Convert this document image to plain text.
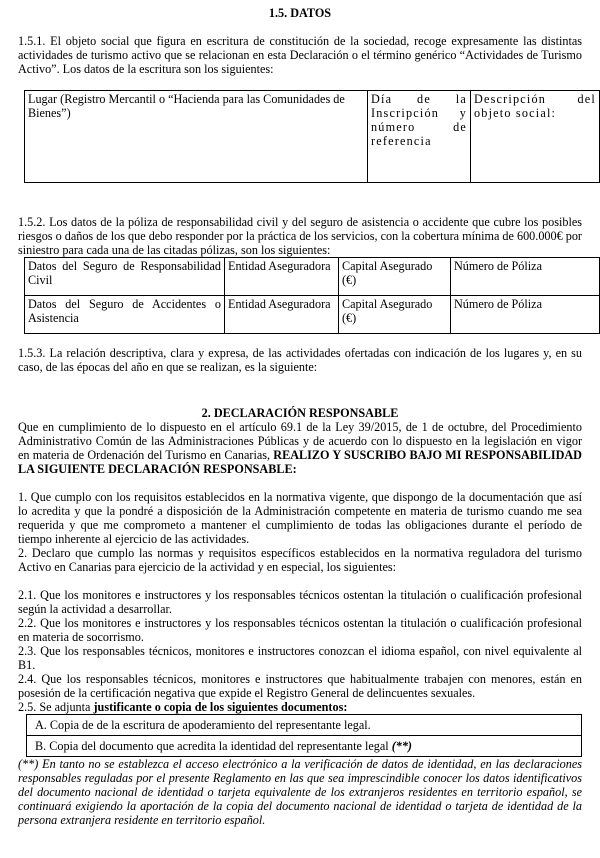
1.5. DATOS

1.5.1. El objeto social que figura en escritura de constitución de la sociedad, recoge expresamente las distintas actividades de turismo activo que se relacionan en esta Declaración o el término genérico “Actividades de Turismo Activo”. Los datos de la escritura son los siguientes:

Lugar (Registro Mercantil o “Hacienda para las Comunidades de Bienes”)	Día de la Inscripción y número de referencia	Descripción del objeto social:

1.5.2. Los datos de la póliza de responsabilidad civil y del seguro de asistencia o accidente que cubre los posibles riesgos o daños de los que debo responder por la práctica de los servicios, con la cobertura mínima de 600.000€ por siniestro para cada una de las citadas pólizas, son los siguientes:

Datos del Seguro de Responsabilidad Civil	Entidad Aseguradora	Capital Asegurado (€)	Número de Póliza
Datos del Seguro de Accidentes o Asistencia	Entidad Aseguradora	Capital Asegurado (€)	Número de Póliza

1.5.3. La relación descriptiva, clara y expresa, de las actividades ofertadas con indicación de los lugares y, en su caso, de las épocas del año en que se realizan, es la siguiente:

2. DECLARACIÓN RESPONSABLE

Que en cumplimiento de lo dispuesto en el artículo 69.1 de la Ley 39/2015, de 1 de octubre, del Procedimiento Administrativo Común de las Administraciones Públicas y de acuerdo con lo dispuesto en la legislación en vigor en materia de Ordenación del Turismo en Canarias, REALIZO Y SUSCRIBO BAJO MI RESPONSABILIDAD LA SIGUIENTE DECLARACIÓN RESPONSABLE:

1. Que cumplo con los requisitos establecidos en la normativa vigente, que dispongo de la documentación que así lo acredita y que la pondré a disposición de la Administración competente en materia de turismo cuando me sea requerida y que me comprometo a mantener el cumplimiento de todas las obligaciones durante el período de tiempo inherente al ejercicio de las actividades.

2. Declaro que cumplo las normas y requisitos específicos establecidos en la normativa reguladora del turismo Activo en Canarias para ejercicio de la actividad y en especial, los siguientes:

2.1. Que los monitores e instructores y los responsables técnicos ostentan la titulación o cualificación profesional según la actividad a desarrollar.

2.2. Que los monitores e instructores y los responsables técnicos ostentan la titulación o cualificación profesional en materia de socorrismo.

2.3. Que los responsables técnicos, monitores e instructores conozcan el idioma español, con nivel equivalente al B1.

2.4. Que los responsables técnicos, monitores e instructores que habitualmente trabajen con menores, están en posesión de la certificación negativa que expide el Registro General de delincuentes sexuales.

2.5. Se adjunta justificante o copia de los siguientes documentos:

A. Copia de de la escritura de apoderamiento del representante legal.
B. Copia del documento que acredita la identidad del representante legal (**)

(**) En tanto no se establezca el acceso electrónico a la verificación de datos de identidad, en las declaraciones responsables reguladas por el presente Reglamento en las que sea imprescindible conocer los datos identificativos del documento nacional de identidad o tarjeta equivalente de los extranjeros residentes en territorio español, se continuará exigiendo la aportación de la copia del documento nacional de identidad o tarjeta de identidad de la persona extranjera residente en territorio español.
